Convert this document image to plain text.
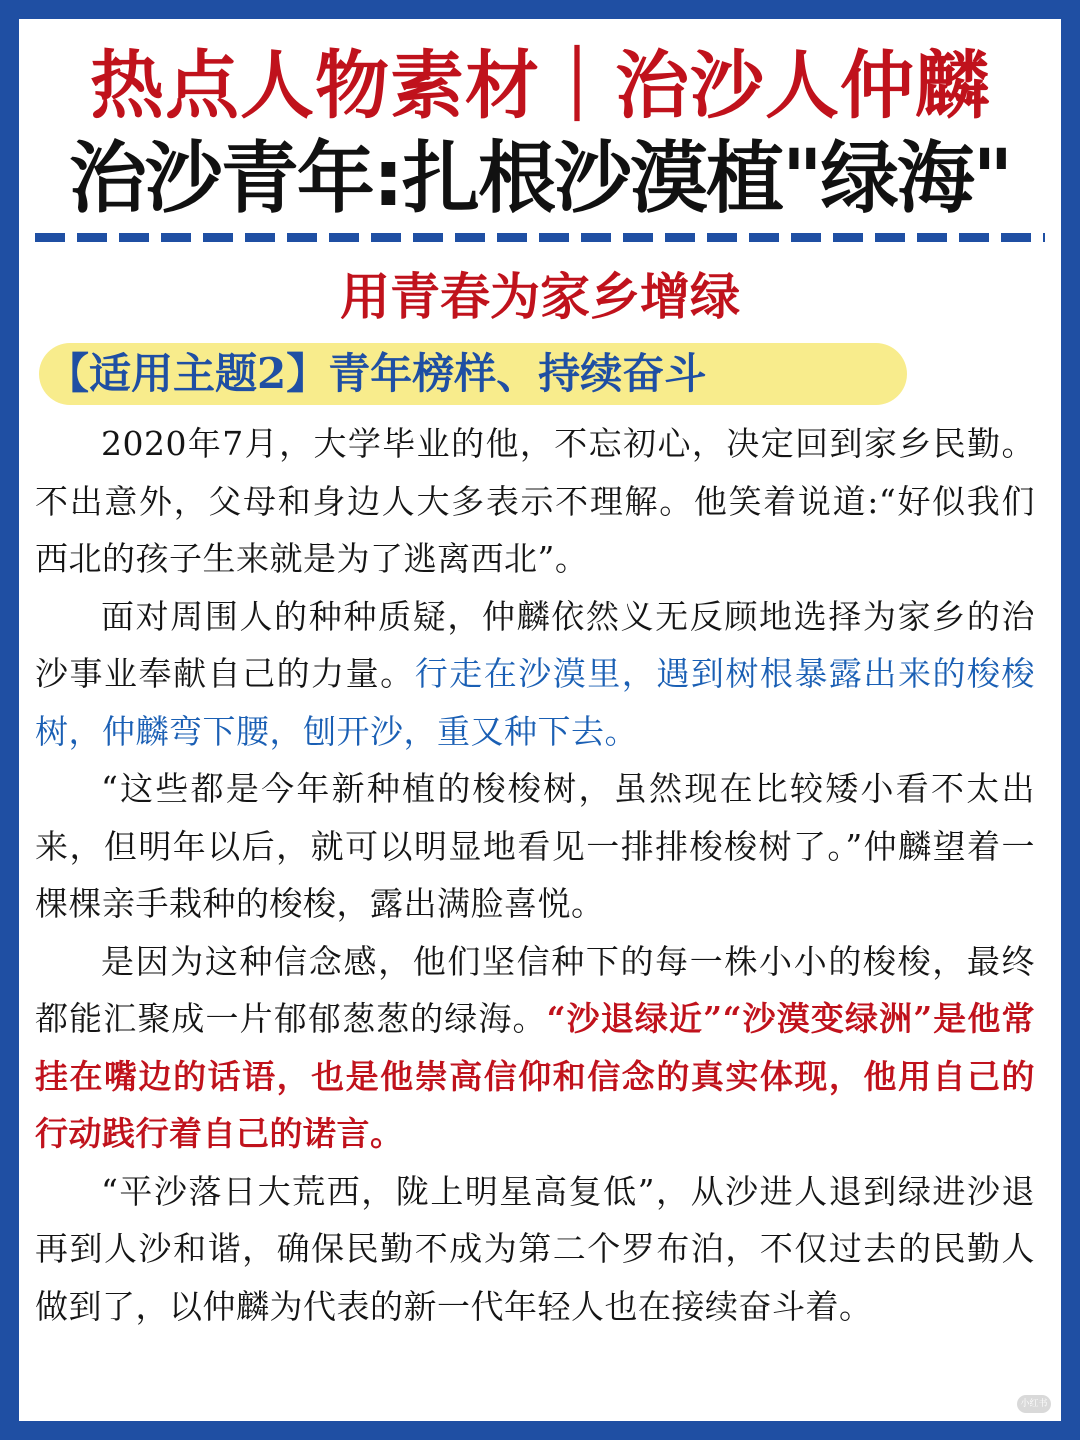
热点人物素材｜治沙人仲麟
治沙青年:扎根沙漠植"绿海"
用青春为家乡增绿
【适用主题2】青年榜样、持续奋斗

2020年7月，大学毕业的他，不忘初心，决定回到家乡民勤。不出意外，父母和身边人大多表示不理解。他笑着说道:“好似我们西北的孩子生来就是为了逃离西北”。

面对周围人的种种质疑，仲麟依然义无反顾地选择为家乡的治沙事业奉献自己的力量。行走在沙漠里，遇到树根暴露出来的梭梭树，仲麟弯下腰，刨开沙，重又种下去。

“这些都是今年新种植的梭梭树，虽然现在比较矮小看不太出来，但明年以后，就可以明显地看见一排排梭梭树了。”仲麟望着一棵棵亲手栽种的梭梭，露出满脸喜悦。

是因为这种信念感，他们坚信种下的每一株小小的梭梭，最终都能汇聚成一片郁郁葱葱的绿海。“沙退绿近”“沙漠变绿洲”是他常挂在嘴边的话语，也是他崇高信仰和信念的真实体现，他用自己的行动践行着自己的诺言。

“平沙落日大荒西，陇上明星高复低”，从沙进人退到绿进沙退再到人沙和谐，确保民勤不成为第二个罗布泊，不仅过去的民勤人做到了，以仲麟为代表的新一代年轻人也在接续奋斗着。

小红书
